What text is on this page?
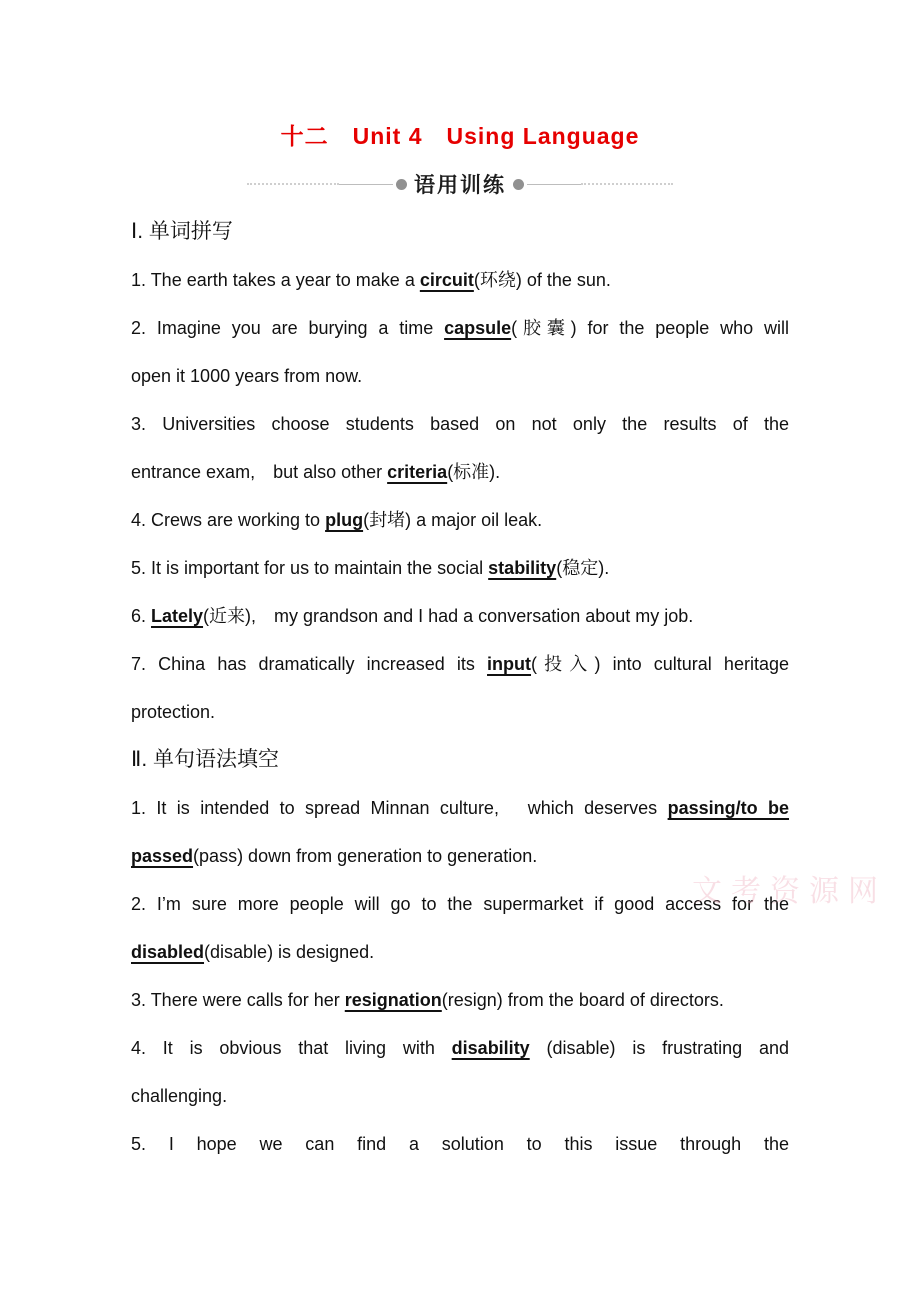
十二　Unit 4　Using Language
语用训练
Ⅰ. 单词拼写
1. The earth takes a year to make a circuit(环绕) of the sun.
2. Imagine you are burying a time capsule(胶囊) for the people who will
open it 1000 years from now.
3. Universities choose students based on not only the results of the
entrance exam,　but also other criteria(标准).
4. Crews are working to plug(封堵) a major oil leak.
5. It is important for us to maintain the social stability(稳定).
6. Lately(近来),　my grandson and I had a conversation about my job.
7. China has dramatically increased its input(投入) into cultural heritage
protection.
Ⅱ. 单句语法填空
1. It is intended to spread Minnan culture,　which deserves passing/to be
passed(pass) down from generation to generation.
2. I’m sure more people will go to the supermarket if good access for the
disabled(disable) is designed.
3. There were calls for her resignation(resign) from the board of directors.
4. It is obvious that living with disability (disable) is frustrating and
challenging.
5. I hope we can find a solution to this issue through the
文考资源网
